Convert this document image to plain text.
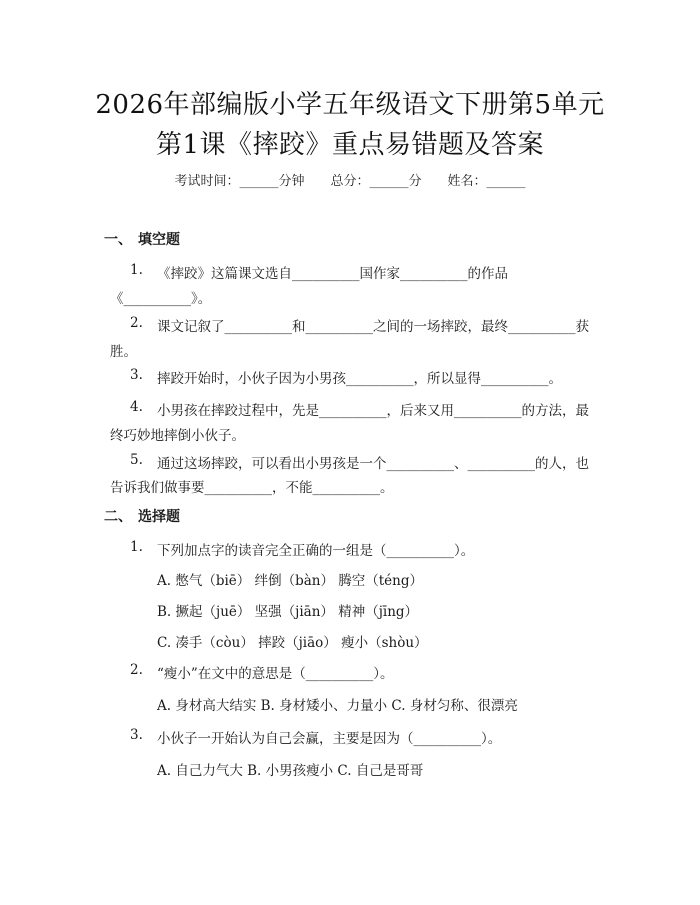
2026年部编版小学五年级语文下册第5单元
第1课《摔跤》重点易错题及答案
考试时间：______分钟　　总分：______分　　姓名：______
一、 填空题
1. 《摔跤》这篇课文选自__________国作家__________的作品
《__________》。
2. 课文记叙了__________和__________之间的一场摔跤，最终__________获
胜。
3. 摔跤开始时，小伙子因为小男孩__________，所以显得__________。
4. 小男孩在摔跤过程中，先是__________，后来又用__________的方法，最
终巧妙地摔倒小伙子。
5. 通过这场摔跤，可以看出小男孩是一个__________、__________的人，也
告诉我们做事要__________，不能__________。
二、 选择题
1. 下列加点字的读音完全正确的一组是（__________）。
A. 憋气（biē） 绊倒（bàn） 腾空（téng）
B. 撅起（juē） 坚强（jiān） 精神（jīng）
C. 凑手（còu） 摔跤（jiāo） 瘦小（shòu）
2. “瘦小”在文中的意思是（__________）。
A. 身材高大结实 B. 身材矮小、力量小 C. 身材匀称、很漂亮
3. 小伙子一开始认为自己会赢，主要是因为（__________）。
A. 自己力气大 B. 小男孩瘦小 C. 自己是哥哥
